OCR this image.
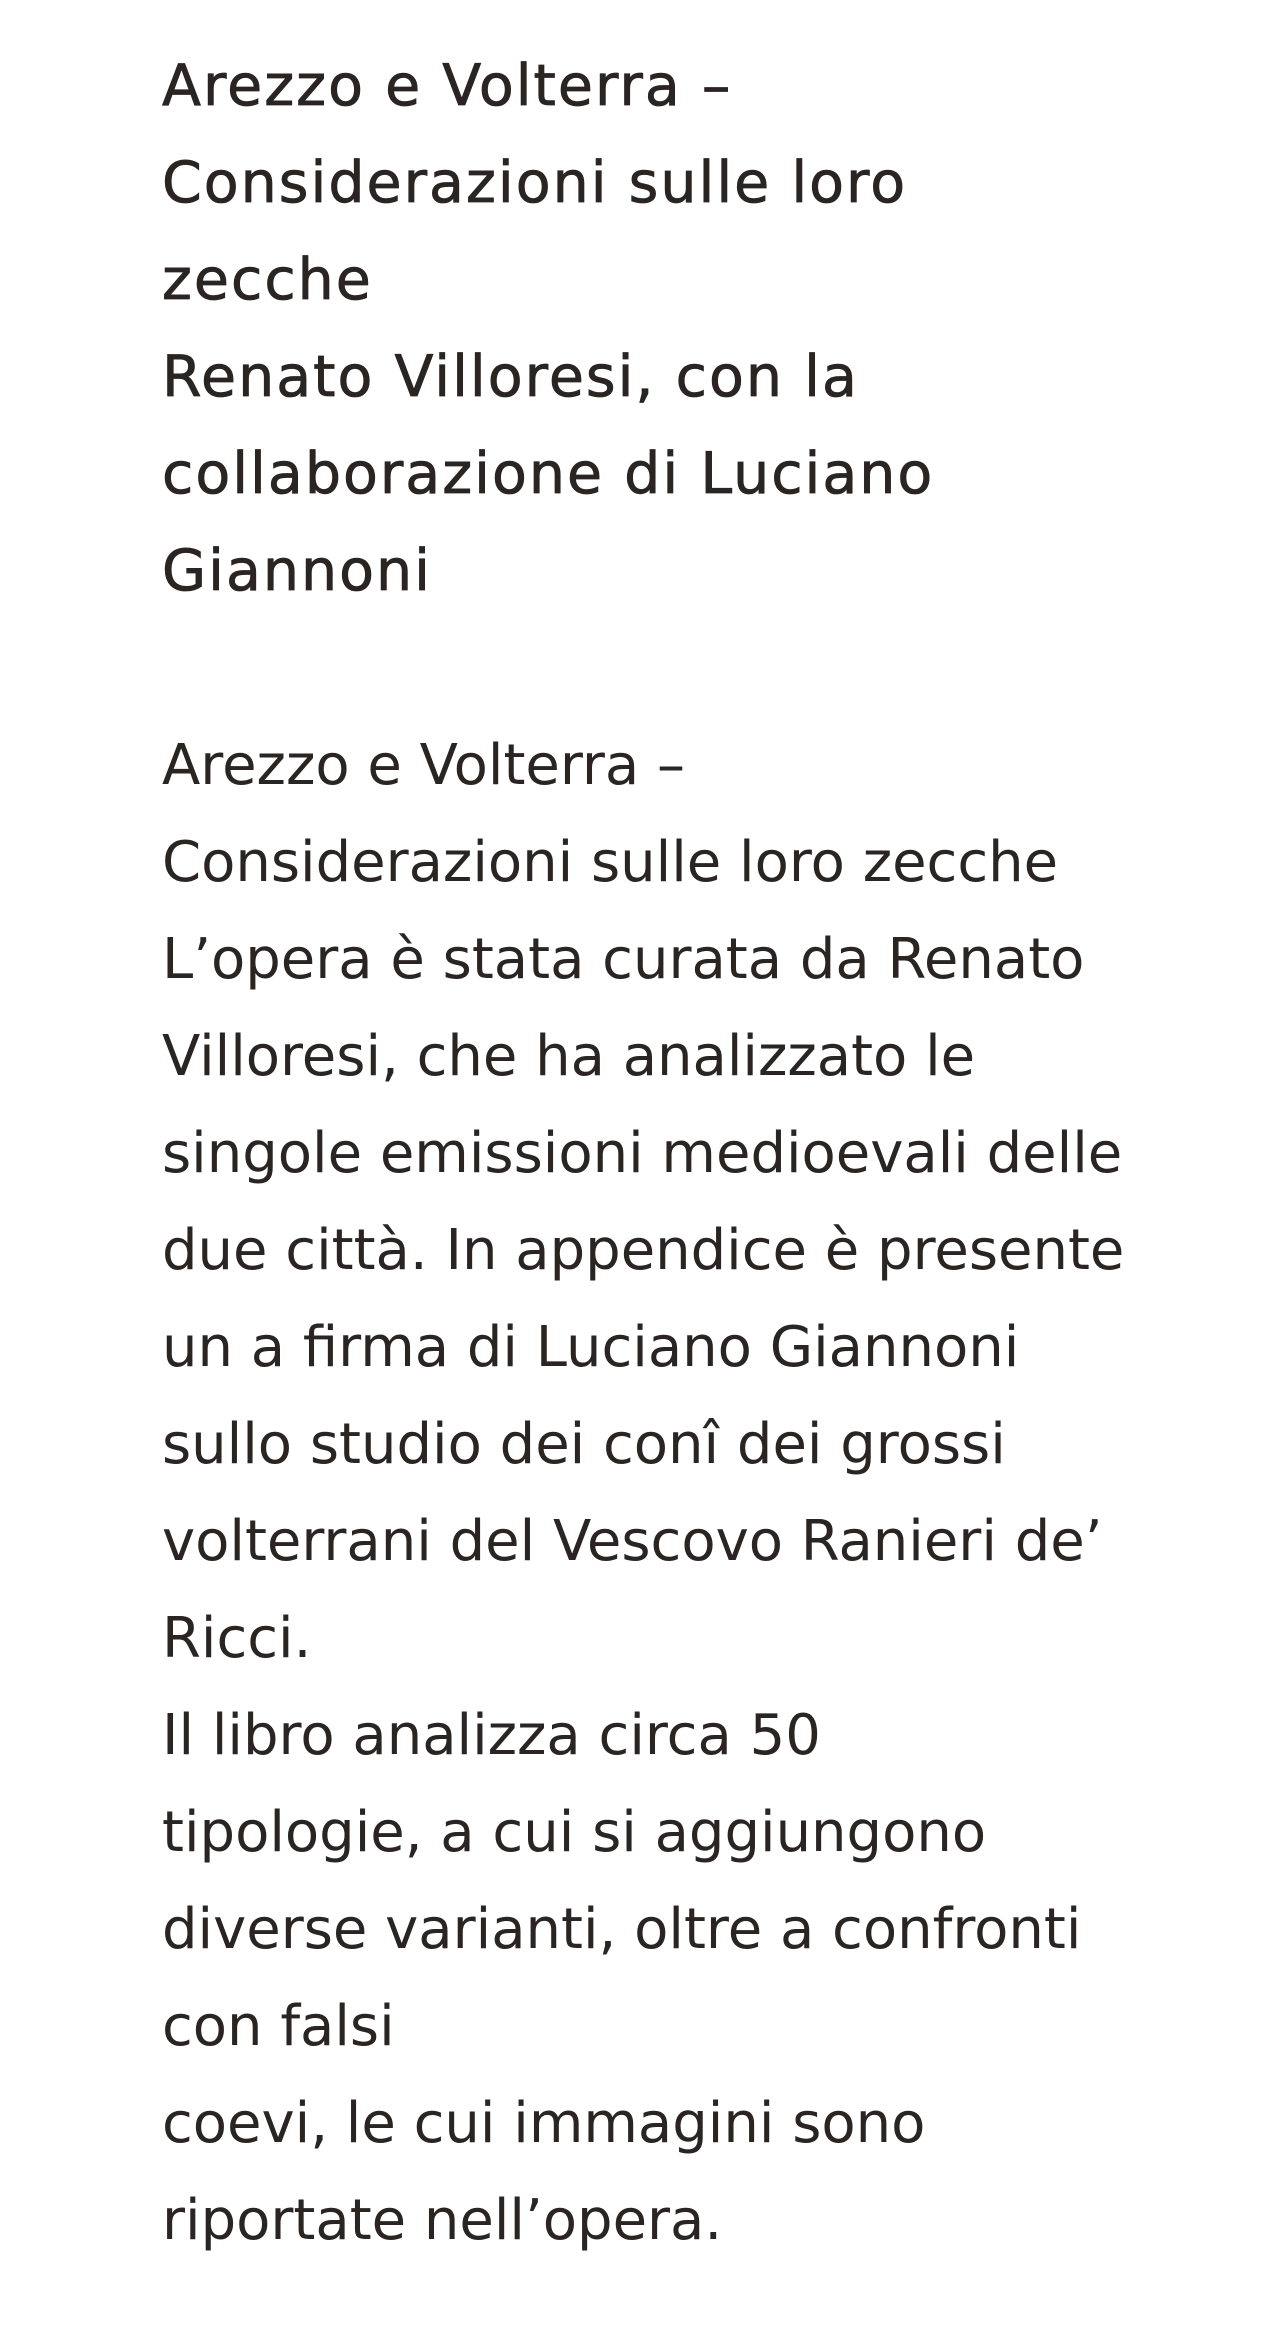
Arezzo e Volterra –
Considerazioni sulle loro
zecche
Renato Villoresi, con la
collaborazione di Luciano
Giannoni
Arezzo e Volterra –
Considerazioni sulle loro zecche
L’opera è stata curata da Renato
Villoresi, che ha analizzato le
singole emissioni medioevali delle
due città. In appendice è presente
un a firma di Luciano Giannoni
sullo studio dei conî dei grossi
volterrani del Vescovo Ranieri de’
Ricci.
Il libro analizza circa 50
tipologie, a cui si aggiungono
diverse varianti, oltre a confronti
con falsi
coevi, le cui immagini sono
riportate nell’opera.
